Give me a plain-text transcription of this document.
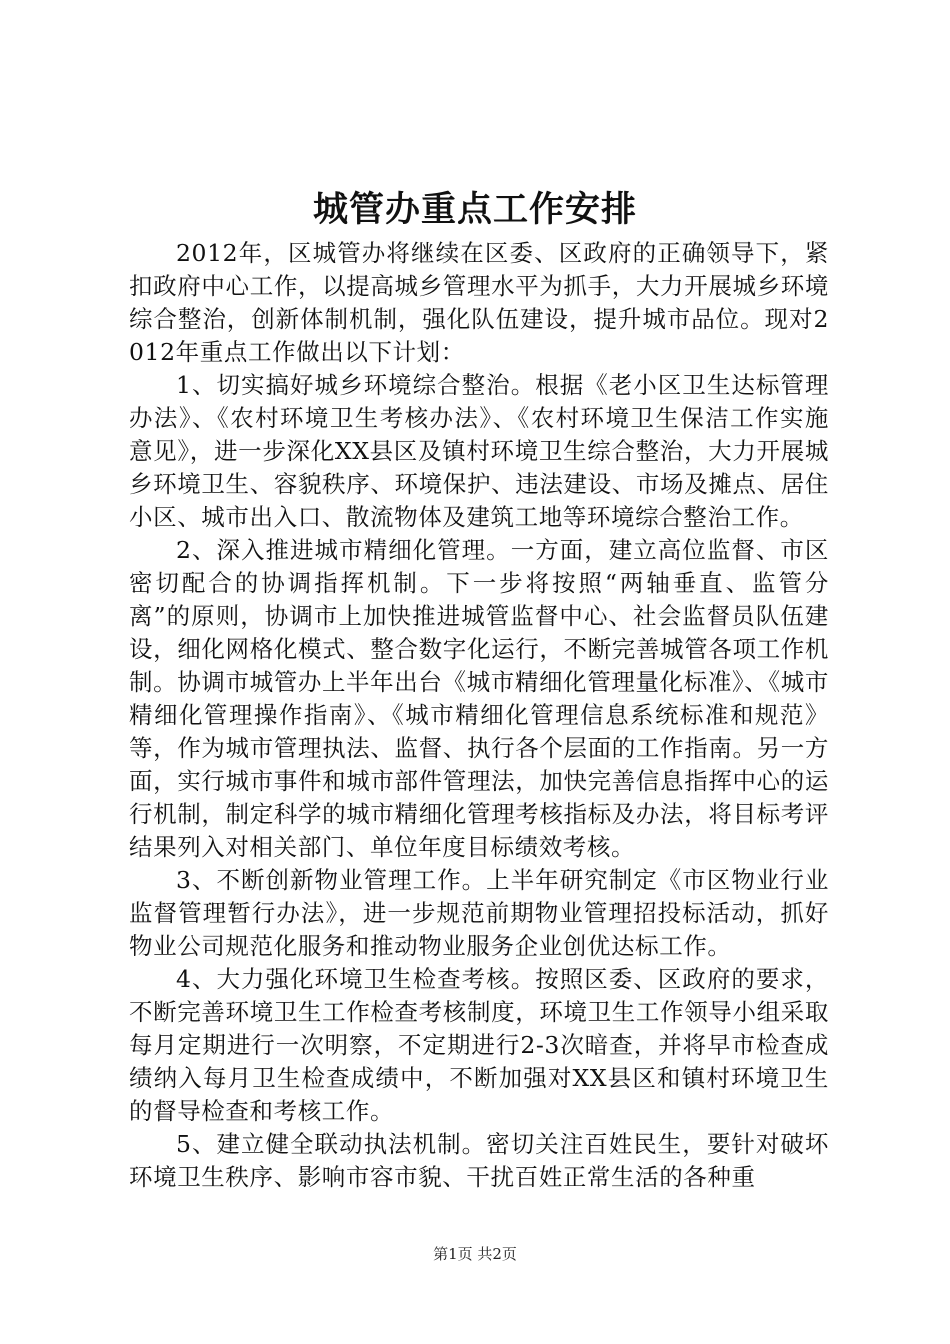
城管办重点工作安排

2012年，区城管办将继续在区委、区政府的正确领导下，紧扣政府中心工作，以提高城乡管理水平为抓手，大力开展城乡环境综合整治，创新体制机制，强化队伍建设，提升城市品位。现对2012年重点工作做出以下计划：

1、切实搞好城乡环境综合整治。根据《老小区卫生达标管理办法》、《农村环境卫生考核办法》、《农村环境卫生保洁工作实施意见》，进一步深化XX县区及镇村环境卫生综合整治，大力开展城乡环境卫生、容貌秩序、环境保护、违法建设、市场及摊点、居住小区、城市出入口、散流物体及建筑工地等环境综合整治工作。

2、深入推进城市精细化管理。一方面，建立高位监督、市区密切配合的协调指挥机制。下一步将按照“两轴垂直、监管分离”的原则，协调市上加快推进城管监督中心、社会监督员队伍建设，细化网格化模式、整合数字化运行，不断完善城管各项工作机制。协调市城管办上半年出台《城市精细化管理量化标准》、《城市精细化管理操作指南》、《城市精细化管理信息系统标准和规范》等，作为城市管理执法、监督、执行各个层面的工作指南。另一方面，实行城市事件和城市部件管理法，加快完善信息指挥中心的运行机制，制定科学的城市精细化管理考核指标及办法，将目标考评结果列入对相关部门、单位年度目标绩效考核。

3、不断创新物业管理工作。上半年研究制定《市区物业行业监督管理暂行办法》，进一步规范前期物业管理招投标活动，抓好物业公司规范化服务和推动物业服务企业创优达标工作。

4、大力强化环境卫生检查考核。按照区委、区政府的要求，不断完善环境卫生工作检查考核制度，环境卫生工作领导小组采取每月定期进行一次明察，不定期进行2-3次暗查，并将早市检查成绩纳入每月卫生检查成绩中，不断加强对XX县区和镇村环境卫生的督导检查和考核工作。

5、建立健全联动执法机制。密切关注百姓民生，要针对破坏环境卫生秩序、影响市容市貌、干扰百姓正常生活的各种重

第1页 共2页
